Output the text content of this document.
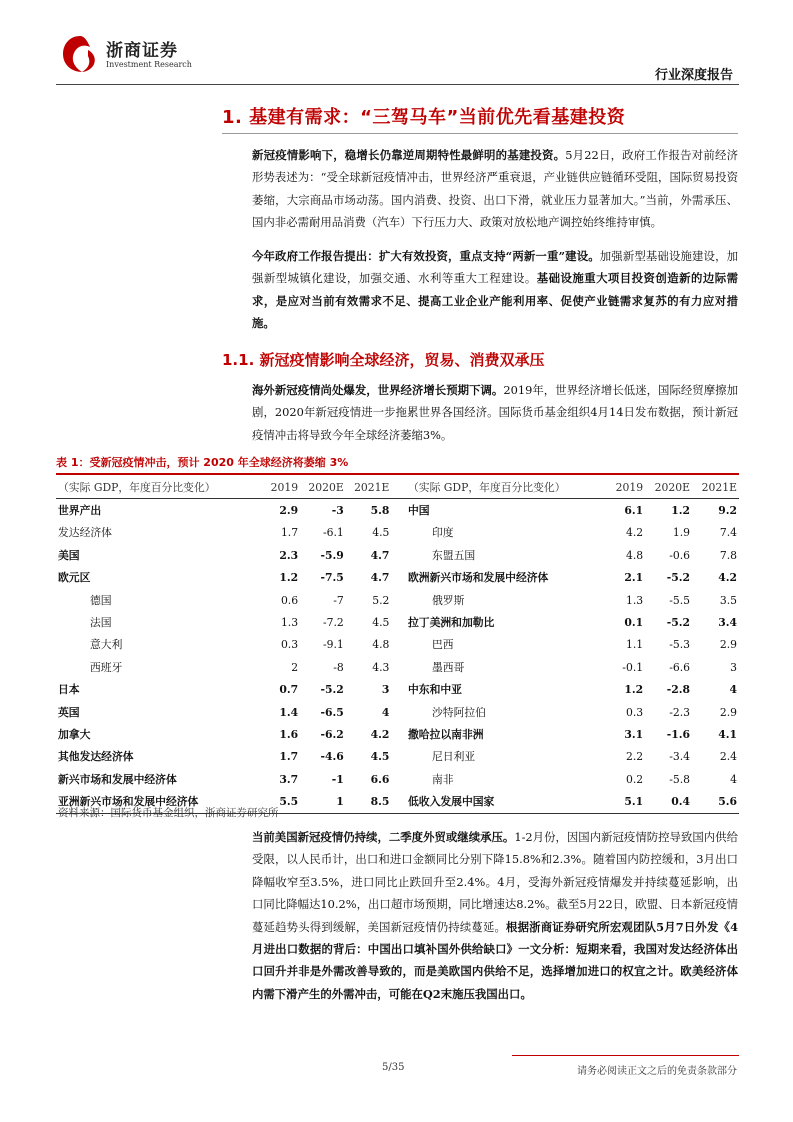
浙商证券
Investment Research
行业深度报告
1. 基建有需求：“三驾马车”当前优先看基建投资
新冠疫情影响下，稳增长仍靠逆周期特性最鲜明的基建投资。5月22日，政府工作报告对前经济形势表述为：“受全球新冠疫情冲击，世界经济严重衰退，产业链供应链循环受阻，国际贸易投资萎缩，大宗商品市场动荡。国内消费、投资、出口下滑，就业压力显著加大。”当前，外需承压、国内非必需耐用品消费（汽车）下行压力大、政策对放松地产调控始终维持审慎。
今年政府工作报告提出：扩大有效投资，重点支持“两新一重”建设。加强新型基础设施建设，加强新型城镇化建设，加强交通、水利等重大工程建设。基础设施重大项目投资创造新的边际需求，是应对当前有效需求不足、提高工业企业产能利用率、促使产业链需求复苏的有力应对措施。
1.1. 新冠疫情影响全球经济，贸易、消费双承压
海外新冠疫情尚处爆发，世界经济增长预期下调。2019年，世界经济增长低迷，国际经贸摩擦加剧，2020年新冠疫情进一步拖累世界各国经济。国际货币基金组织4月14日发布数据，预计新冠疫情冲击将导致今年全球经济萎缩3%。
表 1：受新冠疫情冲击，预计 2020 年全球经济将萎缩 3%
（实际 GDP，年度百分比变化）	2019	2020E	2021E		（实际 GDP，年度百分比变化）	2019	2020E	2021E
世界产出	2.9	-3	5.8		中国	6.1	1.2	9.2
发达经济体	1.7	-6.1	4.5		印度	4.2	1.9	7.4
美国	2.3	-5.9	4.7		东盟五国	4.8	-0.6	7.8
欧元区	1.2	-7.5	4.7		欧洲新兴市场和发展中经济体	2.1	-5.2	4.2
德国	0.6	-7	5.2		俄罗斯	1.3	-5.5	3.5
法国	1.3	-7.2	4.5		拉丁美洲和加勒比	0.1	-5.2	3.4
意大利	0.3	-9.1	4.8		巴西	1.1	-5.3	2.9
西班牙	2	-8	4.3		墨西哥	-0.1	-6.6	3
日本	0.7	-5.2	3		中东和中亚	1.2	-2.8	4
英国	1.4	-6.5	4		沙特阿拉伯	0.3	-2.3	2.9
加拿大	1.6	-6.2	4.2		撒哈拉以南非洲	3.1	-1.6	4.1
其他发达经济体	1.7	-4.6	4.5		尼日利亚	2.2	-3.4	2.4
新兴市场和发展中经济体	3.7	-1	6.6		南非	0.2	-5.8	4
亚洲新兴市场和发展中经济体	5.5	1	8.5		低收入发展中国家	5.1	0.4	5.6
资料来源：国际货币基金组织，浙商证券研究所
当前美国新冠疫情仍持续，二季度外贸或继续承压。1-2月份，因国内新冠疫情防控导致国内供给受限，以人民币计，出口和进口金额同比分别下降15.8%和2.3%。随着国内防控缓和，3月出口降幅收窄至3.5%，进口同比止跌回升至2.4%。4月，受海外新冠疫情爆发并持续蔓延影响，出口同比降幅达10.2%，出口超市场预期，同比增速达8.2%。截至5月22日，欧盟、日本新冠疫情蔓延趋势头得到缓解，美国新冠疫情仍持续蔓延。根据浙商证券研究所宏观团队5月7日外发《4月进出口数据的背后：中国出口填补国外供给缺口》一文分析：短期来看，我国对发达经济体出口回升并非是外需改善导致的，而是美欧国内供给不足，选择增加进口的权宜之计。欧美经济体内需下滑产生的外需冲击，可能在Q2末施压我国出口。
5/35	请务必阅读正文之后的免责条款部分
